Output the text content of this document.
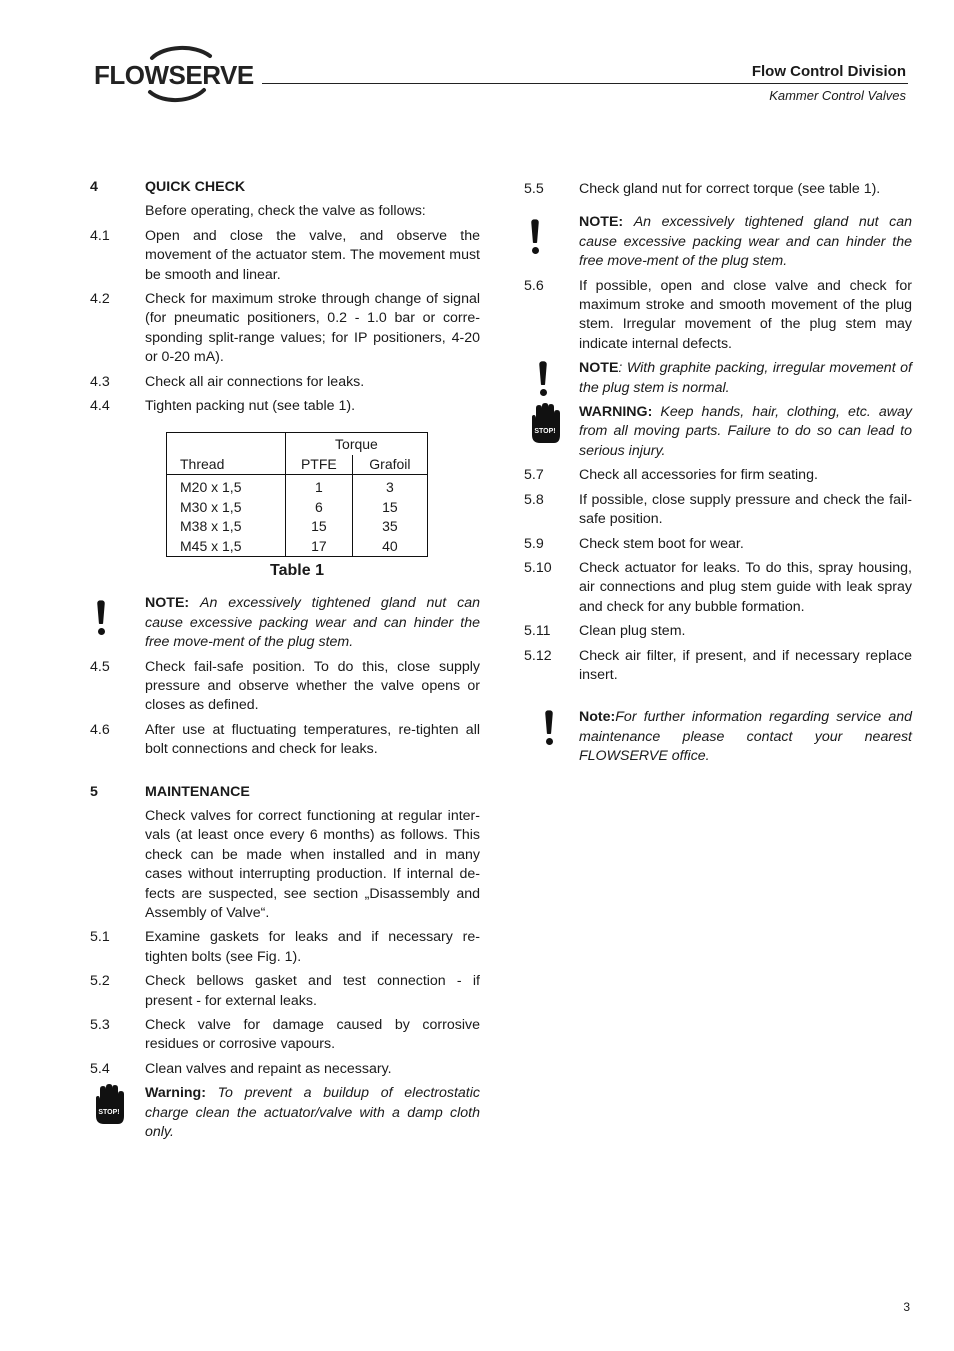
FLOWSERVE	Flow Control Division
Kammer Control Valves
4	QUICK CHECK
Before operating, check the valve as follows:
4.1	Open and close the valve, and observe the movement of the actuator stem. The movement must be smooth and linear.
4.2	Check for maximum stroke through change of signal (for pneumatic positioners, 0.2 - 1.0 bar or corre-sponding split-range values; for IP positioners, 4-20 or 0-20 mA).
4.3	Check all air connections for leaks.
4.4	Tighten packing nut (see table 1).
	Torque	
Thread	PTFE	Grafoil
M20 x 1,5	1	3
M30 x 1,5	6	15
M38 x 1,5	15	35
M45 x 1,5	17	40
Table 1
NOTE: An excessively tightened gland nut can cause excessive packing wear and can hinder the free move-ment of the plug stem.
4.5	Check fail-safe position. To do this, close supply pressure and observe whether the valve opens or closes as defined.
4.6	After use at fluctuating temperatures, re-tighten all bolt connections and check for leaks.
5	MAINTENANCE
Check valves for correct functioning at regular inter-vals (at least once every 6 months) as follows. This check can be made when installed and in many cases without interrupting production. If internal de-fects are suspected, see section „Disassembly and Assembly of Valve“.
5.1	Examine gaskets for leaks and if necessary re-tighten bolts (see Fig. 1).
5.2	Check bellows gasket and test connection - if present - for external leaks.
5.3	Check valve for damage caused by corrosive residues or corrosive vapours.
5.4	Clean valves and repaint as necessary.
STOP!
Warning: To prevent a buildup of electrostatic charge clean the actuator/valve with a damp cloth only.
5.5	Check gland nut for correct torque (see table 1).
NOTE: An excessively tightened gland nut can cause excessive packing wear and can hinder the free move-ment of the plug stem.
5.6	If possible, open and close valve and check for maximum stroke and smooth movement of the plug stem. Irregular movement of the plug stem may indicate internal defects.
NOTE: With graphite packing, irregular movement of the plug stem is normal.
STOP!
WARNING: Keep hands, hair, clothing, etc. away from all moving parts. Failure to do so can lead to serious injury.
5.7	Check all accessories for firm seating.
5.8	If possible, close supply pressure and check the fail-safe position.
5.9	Check stem boot for wear.
5.10	Check actuator for leaks. To do this, spray housing, air connections and plug stem guide with leak spray and check for any bubble formation.
5.11	Clean plug stem.
5.12	Check air filter, if present, and if necessary replace insert.
Note:For further information regarding service and maintenance please contact your nearest FLOWSERVE office.
3
